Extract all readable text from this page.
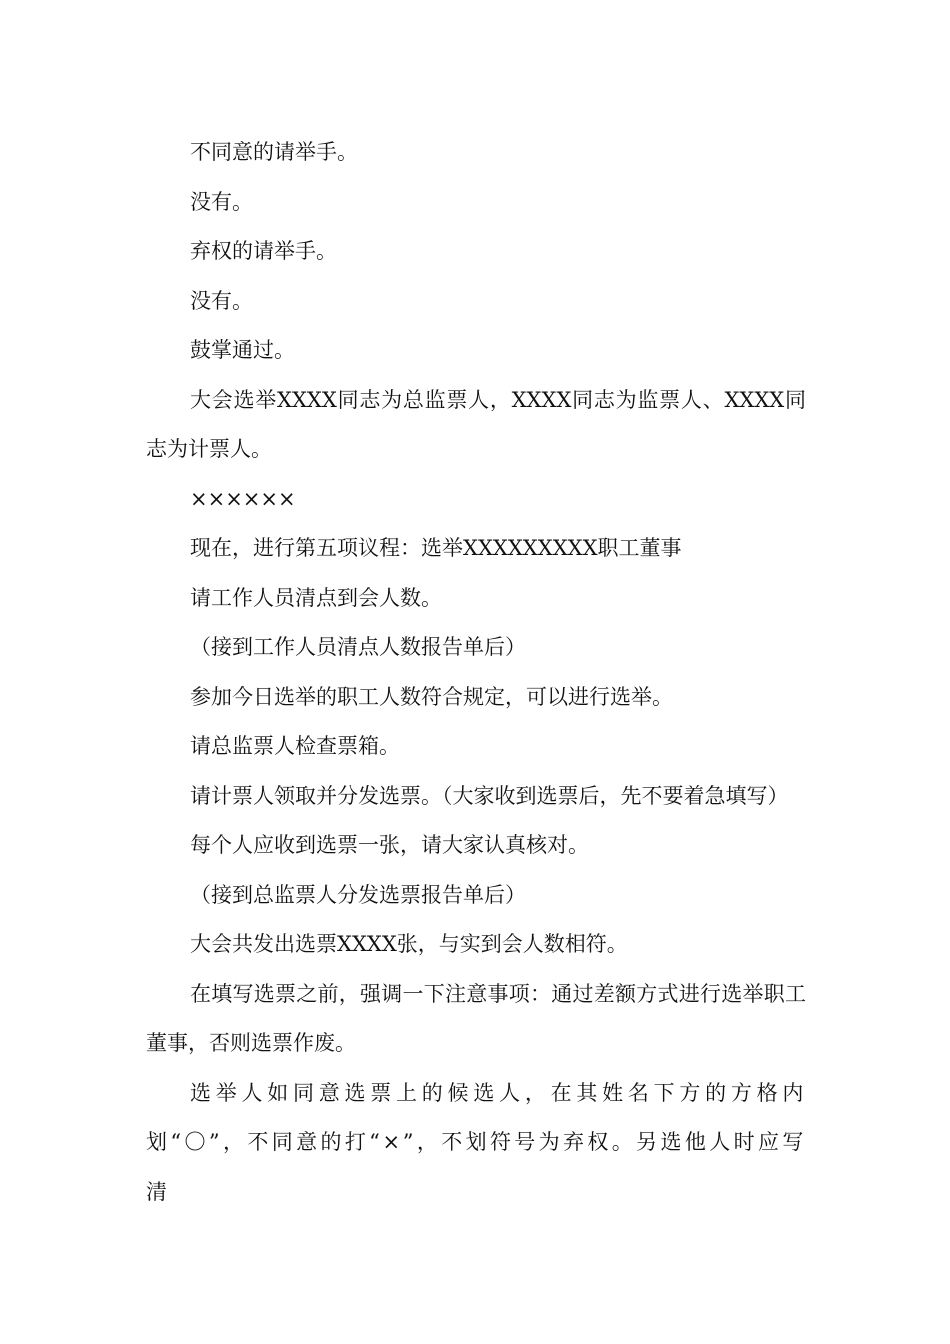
不同意的请举手。

没有。

弃权的请举手。

没有。

鼓掌通过。

大会选举XXXX同志为总监票人，XXXX同志为监票人、XXXX同志为计票人。

××××××

现在，进行第五项议程：选举XXXXXXXXX职工董事

请工作人员清点到会人数。

（接到工作人员清点人数报告单后）

参加今日选举的职工人数符合规定，可以进行选举。

请总监票人检查票箱。

请计票人领取并分发选票。（大家收到选票后，先不要着急填写）

每个人应收到选票一张，请大家认真核对。

（接到总监票人分发选票报告单后）

大会共发出选票XXXX张，与实到会人数相符。

在填写选票之前，强调一下注意事项：通过差额方式进行选举职工董事，否则选票作废。

选举人如同意选票上的候选人，在其姓名下方的方格内划“〇”，不同意的打“×”，不划符号为弃权。另选他人时应写清
